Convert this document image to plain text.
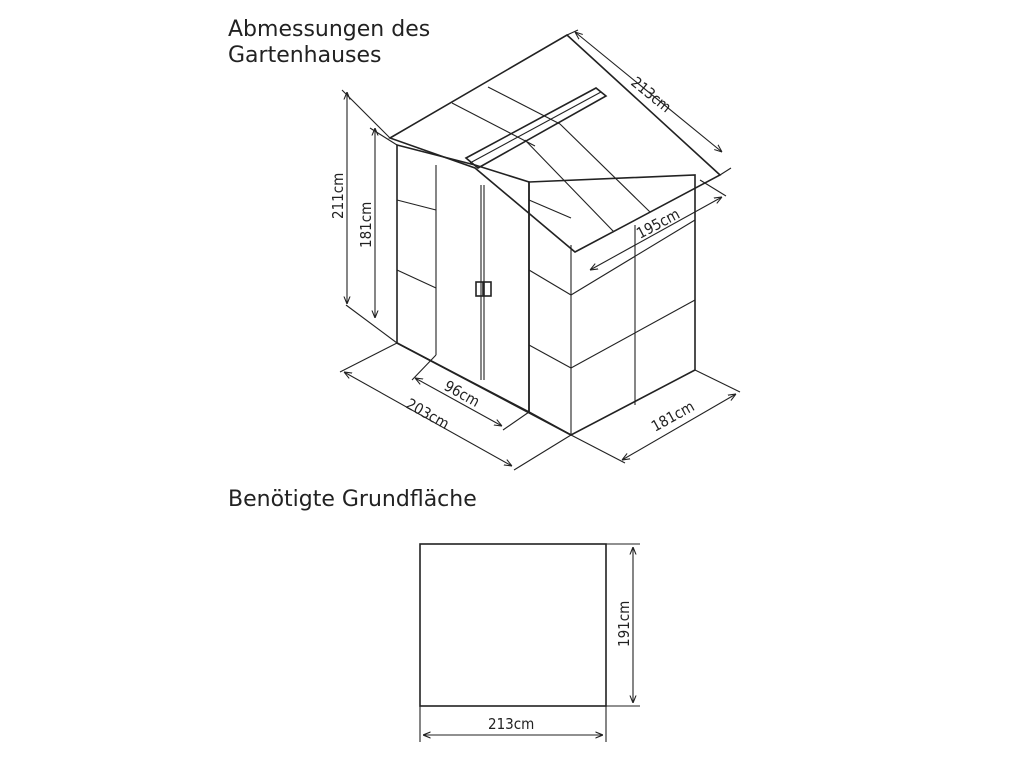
Abmessungen des Gartenhauses
Benötigte Grundfläche
213cm
195cm
211cm
181cm
96cm
203cm	181cm
191cm
213cm
